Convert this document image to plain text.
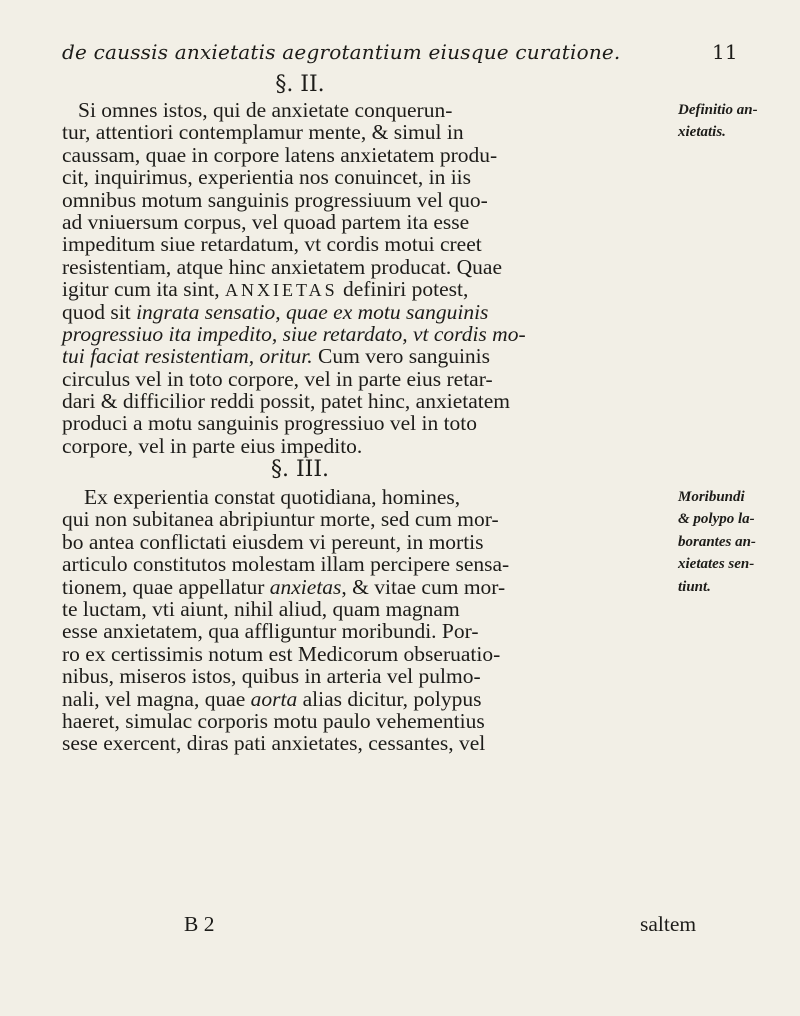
de caussis anxietatis aegrotantium eiusque curatione.	11
§. II.
Si omnes istos, qui de anxietate conquerun-
tur, attentiori contemplamur mente, & simul in
caussam, quae in corpore latens anxietatem produ-
cit, inquirimus, experientia nos conuincet, in iis
omnibus motum sanguinis progressiuum vel quo-
ad vniuersum corpus, vel quoad partem ita esse
impeditum siue retardatum, vt cordis motui creet
resistentiam, atque hinc anxietatem producat. Quae
igitur cum ita sint, ANXIETAS definiri potest,
quod sit ingrata sensatio, quae ex motu sanguinis
progressiuo ita impedito, siue retardato, vt cordis mo-
tui faciat resistentiam, oritur. Cum vero sanguinis
circulus vel in toto corpore, vel in parte eius retar-
dari & difficilior reddi possit, patet hinc, anxietatem
produci a motu sanguinis progressiuo vel in toto
corpore, vel in parte eius impedito.
Definitio an-
xietatis.
§. III.
Ex experientia constat quotidiana, homines,
qui non subitanea abripiuntur morte, sed cum mor-
bo antea conflictati eiusdem vi pereunt, in mortis
articulo constitutos molestam illam percipere sensa-
tionem, quae appellatur anxietas, & vitae cum mor-
te luctam, vti aiunt, nihil aliud, quam magnam
esse anxietatem, qua affliguntur moribundi. Por-
ro ex certissimis notum est Medicorum obseruatio-
nibus, miseros istos, quibus in arteria vel pulmo-
nali, vel magna, quae aorta alias dicitur, polypus
haeret, simulac corporis motu paulo vehementius
sese exercent, diras pati anxietates, cessantes, vel
Moribundi
& polypo la-
borantes an-
xietates sen-
tiunt.
B 2	saltem
